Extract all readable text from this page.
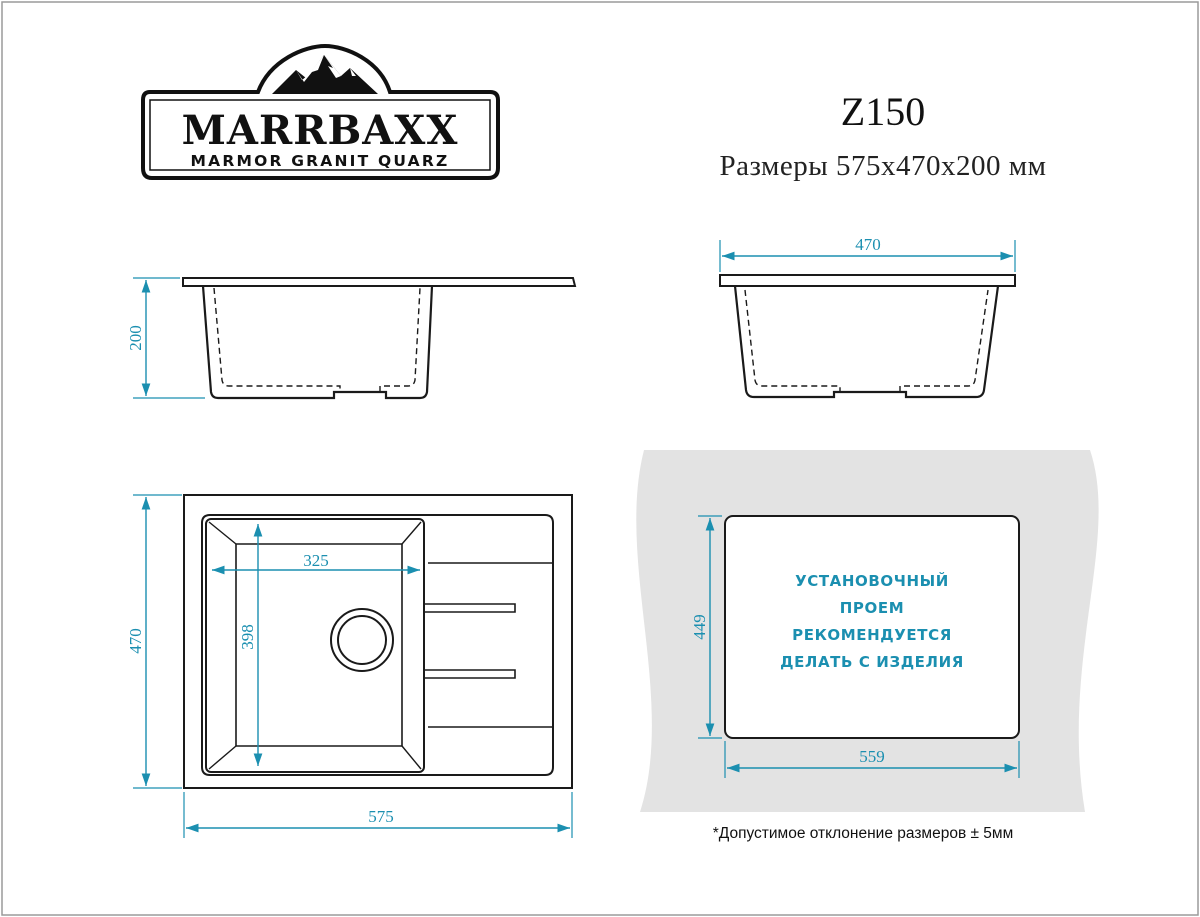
MARRBAXX
MARMOR GRANIT QUARZ
Z150
Размеры 575х470х200 мм
200
470
470
575
325
398
УСТАНОВОЧНЫЙ
ПРОЕМ
РЕКОМЕНДУЕТСЯ
ДЕЛАТЬ С ИЗДЕЛИЯ
449
559
*Допустимое отклонение размеров ± 5мм
